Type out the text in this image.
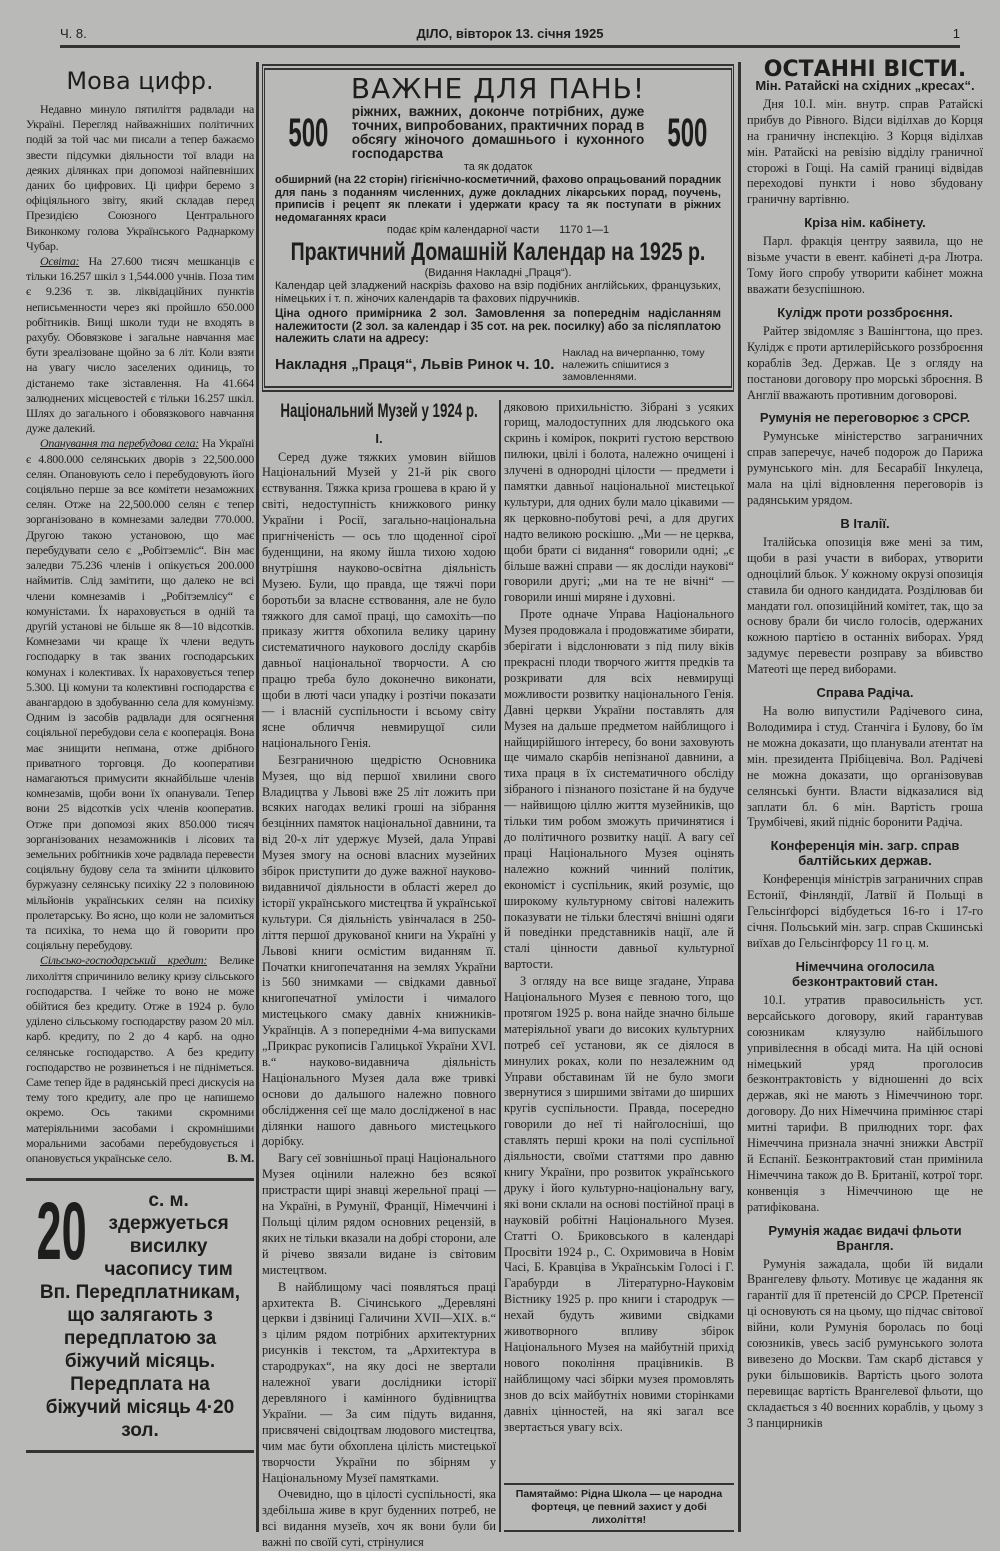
Ч. 8.	ДІЛО, вівторок 13. січня 1925	1
Мова цифр.

Недавно минуло пятиліття радвлади на Україні. Перегляд найважніших політичних подій за той час ми писали а тепер бажаємо звести підсумки діяльности тої влади на деяких ділянках при допомозі найпевніших даних бо цифрових. Ці цифри беремо з офіціяльного звіту, який складав перед Президією Союзного Центрального Виконкому голова Українського Раднаркому Чубар.

Освіта: На 27.600 тисяч мешканців є тільки 16.257 шкіл з 1,544.000 учнів. Поза тим є 9.236 т. зв. ліквідаційних пунктів неписьменности через які пройшло 650.000 робітників. Вищі школи туди не входять в рахубу. Обовязкове і загальне навчання має бути зреалізоване щойно за 6 літ. Коли взяти на увагу число заселених одиниць, то дістанемо таке зіставлення. На 41.664 залюднених місцевостей є тільки 16.257 шкіл. Шлях до загального і обовязкового навчання дуже далекий.

Опанування та перебудова села: На Україні є 4.800.000 селянських дворів з 22,500.000 селян. Опановують село і перебудовують його соціяльно перше за все комітети незаможних селян. Отже на 22,500.000 селян є тепер зорганізовано в комнезами заледви 770.000. Другою такою установою, що має перебудувати село є „Робітземліс“. Він має заледви 75.236 членів і опікується 200.000 наймитів. Слід замітити, що далеко не всі члени комнезамів і „Робітземлісу“ є комуністами. Їх нараховується в одній та другій установі не більше як 8—10 відсотків. Комнезами чи краще їх члени ведуть господарку в так званих господарських комунах і колективах. Їх нараховується тепер 5.300. Ці комуни та колективні господарства є авангардою в здобуванню села для комунізму. Одним із засобів радвлади для осягнення соціяльної перебудови села є кооперація. Вона має знищити непмана, отже дрібного приватного торговця. До кооперативи намагаються примусити якнайбільше членів комнезамів, щоби вони їх опанували. Тепер вони 25 відсотків усіх членів кооператив. Отже при допомозі яких 850.000 тисяч зорганізованих незаможників і лісових та земельних робітників хоче радвлада перевести соціяльну будову села та змінити цілковито буржуазну селянську психіку 22 з половиною мільйонів українських селян на психіку пролетарську. Во ясно, що коли не заломиться та психіка, то нема що й говорити про соціяльну перебудову.

Сільсько-господарський кредит: Велике лихоліття спричинило велику кризу сільського господарства. І чейже то воно не може обійтися без кредиту. Отже в 1924 р. було уділено сільському господарству разом 20 міл. карб. кредиту, по 2 до 4 карб. на одно селянське господарство. А без кредиту господарство не розвинеться і не підніметься. Саме тепер йде в радянській пресі дискусія на тему того кредиту, але про це напишемо окремо. Ось такими скромними матеріяльними засобами і скромнішими моральними засобами перебудовується і опановується українське село.	В. М.

20	с. м. здержуеться висилку часопису тим Вп. Передплатникам, що залягають з передплатою за біжучий місяць. Передплата на біжучий місяць 4·20 зол.
ВАЖНЕ ДЛЯ ПАНЬ!
500 ріжних, важних, доконче потрібних, дуже точних, випробованих, практичних порад в обсягу жіночого домашнього і кухонного господарства	500
та як додаток
обширний (на 22 сторін) гігієнічно-косметичний, фахово опрацьований порадник для пань з поданням численних, дуже докладних лікарських порад, поучень, приписів і рецепт як плекати і удержати красу та як поступати в ріжних недомаганнях краси
подає крім календарної части 1170 1—1
Практичний Домашній Календар на 1925 р.
(Видання Накладні „Праця“).
Календар цей зладжений наскрізь фахово на взір подібних англійських, французьких, німецьких і т. п. жіночих календарів та фахових підручників.
Ціна одного примірника 2 зол. Замовлення за попереднім надісланням належитости (2 зол. за календар і 35 сот. на рек. посилку) або за післяплатою належить слати на адресу:
Накладня „Праця“, Львів Ринок ч. 10.
Наклад на вичерпанню, тому належить спішитися з замовленнями.
Національний Музей у 1924 р.
I.

Серед дуже тяжких умовин війшов Національний Музей у 21-й рік свого єствування. Тяжка криза грошева в краю й у світі, недоступність книжкового ринку України і Росії, загально-національна пригніченість — ось тло щоденної сірої буденщини, на якому йшла тихою ходою внутрішня науково-освітна діяльність Музею. Були, що правда, ще тяжчі пори боротьби за власне єствовання, але не було тяжкого для самої праці, що самохіть—по приказу життя обхопила велику царину систематичного наукового досліду скарбів давньої національної творчости. А сю працю треба було доконечно виконати, щоби в люті часи упадку і розтічи показати — і власній суспільности і всьому світу ясне обличчя невмирущої сили національного Генія.

Безграничною щедрістю Основника Музея, що від першої хвилини свого Владицтва у Львові вже 25 літ ложить при всяких нагодах великі гроші на зібрання безцінних памяток національної давнини, та від 20-х літ удержує Музей, дала Управі Музея змогу на основі власних музейних збірок приступити до дуже важної науково-видавничої діяльности в області жерел до історії українського мистецтва й української культури. Ся діяльність увінчалася в 250-ліття першої друкованої книги на Україні у Львові книги осмістим виданням її. Початки книгопечатання на землях України із 560 знимками — свідками давньої книгопечатної умілости і чималого мистецького смаку давніх книжників-Українців. А з попередніми 4-ма випусками „Прикрас рукописів Галицької України XVI. в.“ науково-видавнича діяльність Національного Музея дала вже тривкі основи до дальшого належно повного обслідження сеї ще мало дослідженої в нас ділянки нашого давнього мистецького дорібку.

Вагу сеї зовнішньої праці Національного Музея оцінили належно без всякої пристрасти щирі знавці жерельної праці — на Україні, в Румунії, Франції, Німеччині і Польщі цілим рядом основних рецензій, в яких не тільки вказали на добрі сторони, але й річево звязали видане із світовим мистецтвом.

В найблищому часі появляться праці архитекта В. Січинського „Деревляні церкви і дзвіниці Галичини XVII—XIX. в.“ з цілим рядом потрібних архитектурних рисунків і текстом, та „Архитектура в стародруках“, на яку досі не звертали належної уваги дослідники історії деревляного і камінного будівництва України. — За сим підуть видання, присвячені свідоцтвам людового мистецтва, чим має бути обхоплена цілість мистецької творчости України по збірням у Національному Музеї памятками.

Очевидно, що в цілості суспільності, яка здебільша живе в круг буденних потреб, не всі видання музеїв, хоч як вони були би важні по своїй суті, стрінулися

дяковою прихильністю. Зібрані з усяких горищ, малодоступних для людського ока скринь і комірок, покриті густою верствою пилюки, цвілі і болота, належно очищені і злучені в однородні цілости — предмети і памятки давньої національної мистецької культури, для одних були мало цікавими — як церковно-побутові речі, а для других надто великою роскішю. „Ми — не церква, щоби брати сі видання“ говорили одні; „є більше важні справи — як досліди наукові“ говорили другі; „ми на те не вічні“ — говорили инші миряне і духовні.

Проте одначе Управа Національного Музея продовжала і продовжатиме збирати, зберігати і відслонювати з під пилу віків прекрасні плоди творчого життя предків та розкривати для всіх невмирущі можливости розвитку національного Генія. Давні церкви України поставлять для Музея на дальше предметом найблищого і найщирійшого інтересу, бо вони заховують ще чимало скарбів непізнаної давнини, а тиха праця в їх систематичного обсліду зібраного і пізнаного позістане й на будуче — найвищою ціллю життя музейників, що тільки тим робом зможуть причинятися і до політичного розвитку нації. А вагу сеї праці Національного Музея оцінять належно кожний чинний політик, економіст і суспільник, який розуміє, що широкому культурному світові належить показувати не тільки блестячі внішні одяги й поведінки представників нації, але й сталі цінности давньої культурної вартости.

З огляду на все вище згадане, Управа Національного Музея є певною того, що протягом 1925 р. вона найде значно більше матеріяльної уваги до високих культурних потреб сеї установи, як се діялося в минулих роках, коли по незалежним од Управи обставинам їй не було змоги звернутися з ширшими звітами до ширших кругів суспільности. Правда, посередно говорили до неї ті найголосніші, що ставлять перші кроки на полі суспільної діяльности, своїми статтями про давню книгу України, про розвиток українського друку і його культурно-національну вагу, які вони склали на основі постійної праці в науковій робітні Національного Музея. Статті О. Бриковського в календарі Просвіти 1924 р., С. Охримовича в Новім Часі, Б. Кравціва в Українськім Голосі і Г. Гарабурди в Літературно-Науковім Вістнику 1925 р. про книги і стародрук — нехай будуть живими свідками животворного впливу збірок Національного Музея на майбутній прихід нового покоління працівників. В найблищому часі збірки музея промовлять знов до всіх майбутніх новими сторінками давніх цінностей, на які загал все звертається увагу всіх.

Памятаймо: Рідна Школа — це народна фортеця, це певний захист у добі лихоліття!
ОСТАННІ ВІСТИ.
Мін. Ратайскі на східних „кресах“.

Дня 10.I. мін. внутр. справ Ратайскі прибув до Рівного. Відси віділхав до Корця на граничну інспекцію. З Корця віділхав мін. Ратайскі на ревізію відділу граничної сторожі в Гощі. На самій границі відвідав переходові пункти і ново збудовану граничну вартівню.

Кріза нім. кабінету.

Парл. фракція центру заявила, що не візьме участи в евент. кабінеті д-ра Лютра. Тому його спробу утворити кабінет можна вважати безуспішною.

Кулідж проти роззброєння.

Райтер звідомляє з Вашінгтона, що през. Кулідж є проти артилерійського роззброєння кораблів Зед. Держав. Це з огляду на постанови договору про морські зброєння. В Англії вважають противним договорові.

Румунія не переговорює з СРСР.

Румунське міністерство заграничних справ заперечує, начеб подорож до Парижа румунського мін. для Бесарабії Інкулеца, мала на цілі відновлення переговорів із радянським урядом.

В Італії.

Італійська опозиція вже мені за тим, щоби в разі участи в виборах, утворити одноцілий бльок. У кожному окрузі опозиція ставила би одного кандидата. Розділював би мандати гол. опозиційний комітет, так, що за основу брали би число голосів, одержаних кожною партією в останніх виборах. Уряд задумує перевести розправу за вбивство Матеоті ще перед виборами.

Справа Радіча.

На волю випустили Радічевого сина, Володимира і студ. Станчіга і Булову, бо їм не можна доказати, що планували атентат на мін. президента Прібіцевіча. Вол. Радічеві не можна доказати, що організовував селянські бунти. Власти відказалися від заплати бл. 6 мін. Вартість гроша Трумбічеві, який підніс боронити Радіча.

Конференція мін. загр. справ балтійських держав.

Конференція міністрів заграничних справ Естонії, Фінляндії, Латвії й Польщі в Гельсінґфорсі відбудеться 16-го і 17-го січня. Польський мін. загр. справ Скшинські виїхав до Гельсінґфорсу 11 го ц. м.

Німеччина оголосила безконтрактовий стан.

10.I. утратив правосильність уст. версайського договору, який гарантував союзникам кляузулю найбільшого упривілеєння в обсаді мита. На цій основі німецький уряд проголосив безконтрактовість у відношенні до всіх держав, які не мають з Німеччиною торг. договору. До них Німеччина примінює старі митні тарифи. В прилюдних торг. фах Німеччина признала значні знижки Австрії й Еспанії. Безконтрактовий стан примінила Німеччина також до В. Британії, котрої торг. конвенція з Німеччиною ще не ратифікована.

Румунія жадає видачі фльоти Врангля.

Румунія зажадала, щоби їй видали Врангелеву фльоту. Мотивує це жадання як гарантії для її претенсій до СРСР. Претенсії ці основують ся на цьому, що підчас світової війни, коли Румунія боролась по боці союзників, увесь засіб румунського золота вивезено до Москви. Там скарб дістався у руки більшовиків. Вартість цього золота перевищає вартість Врангелевої фльоти, що складається з 40 воєнних кораблів, у цьому з 3 панцирників
